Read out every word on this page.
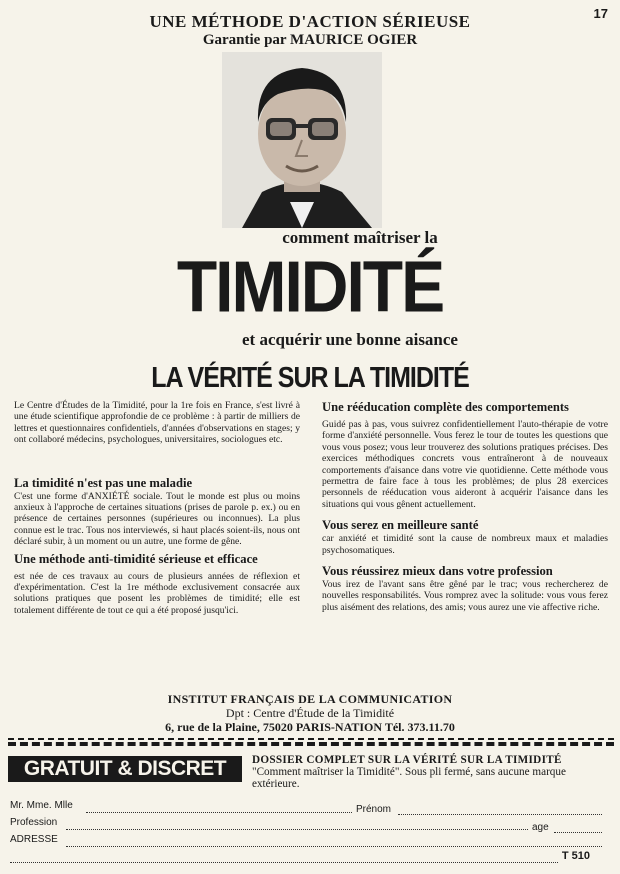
17
UNE MÉTHODE D'ACTION SÉRIEUSE
Garantie par MAURICE OGIER
comment maîtriser la
TIMIDITÉ
et acquérir une bonne aisance
LA VÉRITÉ SUR LA TIMIDITÉ

Le Centre d'Études de la Timidité, pour la 1re fois en France, s'est livré à une étude scientifique approfondie de ce problème : à partir de milliers de lettres et questionnaires confidentiels, d'années d'observations en stages; y ont collaboré médecins, psychologues, universitaires, sociologues etc.

La timidité n'est pas une maladie

C'est une forme d'ANXIÉTÉ sociale. Tout le monde est plus ou moins anxieux à l'approche de certaines situations (prises de parole p. ex.) ou en présence de certaines personnes (supérieures ou inconnues). La plus connue est le trac. Tous nos interviewés, si haut placés soient-ils, nous ont déclaré subir, à un moment ou un autre, une forme de gêne.

Une méthode anti-timidité sérieuse et efficace

est née de ces travaux au cours de plusieurs années de réflexion et d'expérimentation. C'est la 1re méthode exclusivement consacrée aux solutions pratiques que posent les problèmes de timidité; elle est totalement différente de tout ce qui a été proposé jusqu'ici.

Une rééducation complète des comportements

Guidé pas à pas, vous suivrez confidentiellement l'auto-thérapie de votre forme d'anxiété personnelle. Vous ferez le tour de toutes les questions que vous vous posez; vous leur trouverez des solutions pratiques précises. Des exercices méthodiques concrets vous entraîneront à de nouveaux comportements d'aisance dans votre vie quotidienne. Cette méthode vous permettra de faire face à tous les problèmes; de plus 28 exercices personnels de rééducation vous aideront à acquérir l'aisance dans les situations qui vous gênent actuellement.

Vous serez en meilleure santé

car anxiété et timidité sont la cause de nombreux maux et maladies psychosomatiques.

Vous réussirez mieux dans votre profession

Vous irez de l'avant sans être gêné par le trac; vous rechercherez de nouvelles responsabilités. Vous romprez avec la solitude: vous vous ferez plus aisément des relations, des amis; vous aurez une vie affective riche.

INSTITUT FRANÇAIS DE LA COMMUNICATION
Dpt : Centre d'Étude de la Timidité
6, rue de la Plaine, 75020 PARIS-NATION Tél. 373.11.70
GRATUIT & DISCRET	DOSSIER COMPLET SUR LA VÉRITÉ SUR LA TIMIDITÉ
"Comment maîtriser la Timidité". Sous pli fermé, sans aucune marque extérieure.
Mr. Mme. Mlle	Prénom
Profession	age
ADRESSE
T 510
